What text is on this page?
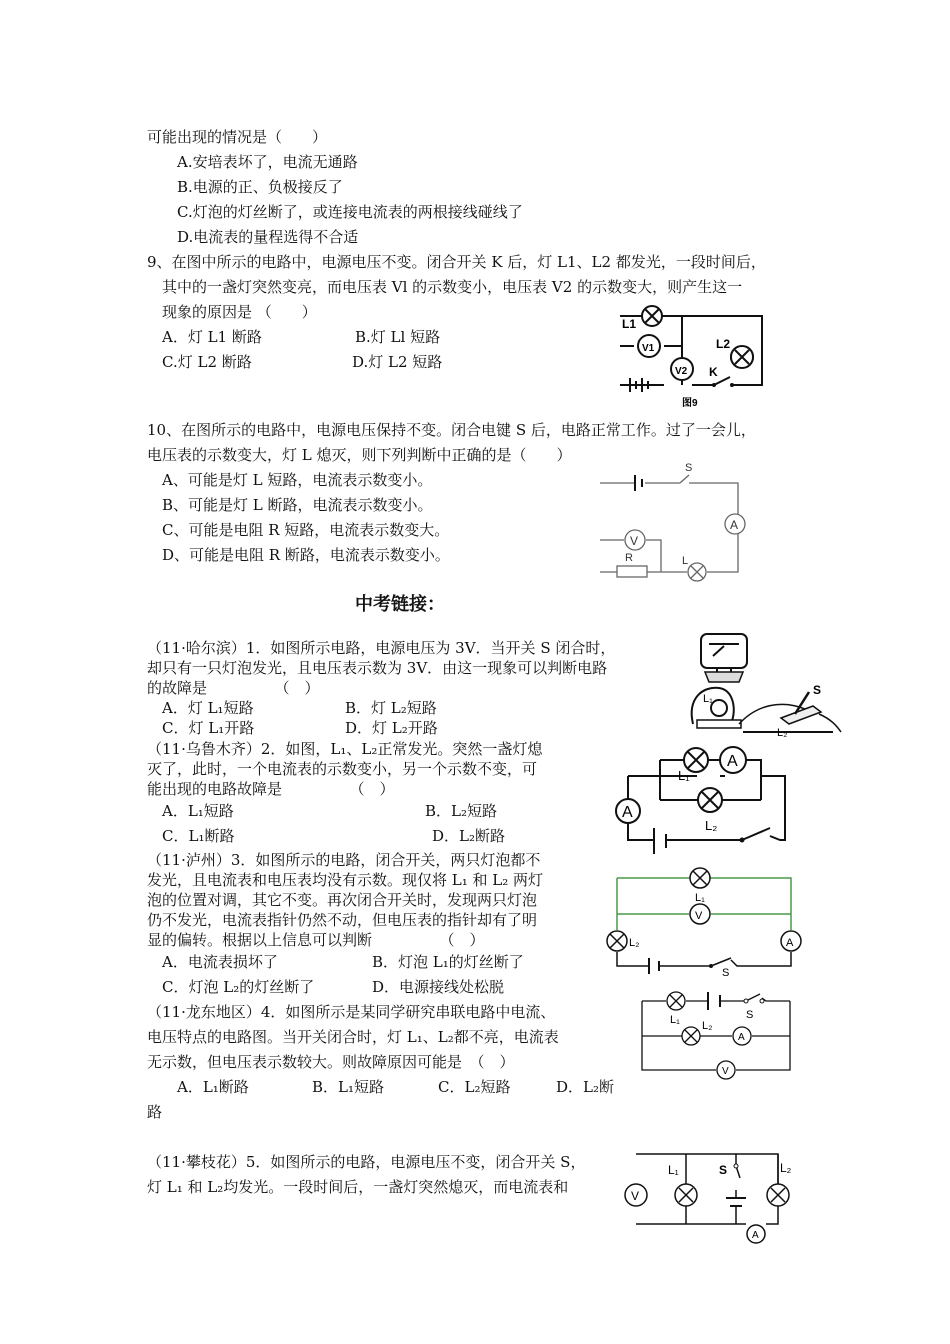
可能出现的情况是（　　）
A.安培表坏了，电流无通路
B.电源的正、负极接反了
C.灯泡的灯丝断了，或连接电流表的两根接线碰线了
D.电流表的量程选得不合适
9、在图中所示的电路中，电源电压不变。闭合开关 K 后，灯 L1、L2 都发光，一段时间后，
其中的一盏灯突然变亮，而电压表 Vl 的示数变小，电压表 V2 的示数变大，则产生这一
现象的原因是 （　　）
A．灯 L1 断路	B.灯 Ll 短路
C.灯 L2 断路	D.灯 L2 短路
L1
V1
V2
L2
K
图9
10、在图所示的电路中，电源电压保持不变。闭合电键 S 后，电路正常工作。过了一会儿，
电压表的示数变大，灯 L 熄灭，则下列判断中正确的是（　　）
A、可能是灯 L 短路，电流表示数变小。
B、可能是灯 L 断路，电流表示数变小。
C、可能是电阻 R 短路，电流表示数变大。
D、可能是电阻 R 断路，电流表示数变小。
S
A
V
R	L
中考链接：
（11·哈尔滨）1．如图所示电路，电源电压为 3V．当开关 S 闭合时，
却只有一只灯泡发光，且电压表示数为 3V．由这一现象可以判断电路
的故障是　　　　　（　）
A．灯 L₁短路	B．灯 L₂短路
C．灯 L₁开路	D．灯 L₂开路
L₁
S
L₂
（11·乌鲁木齐）2．如图，L₁、L₂正常发光。突然一盏灯熄
灭了，此时，一个电流表的示数变小，另一个示数不变，可
能出现的电路故障是　　　　　（　）
A．L₁短路	B．L₂短路
C．L₁断路	D．L₂断路
A
L₁
A
L₂
（11·泸州）3．如图所示的电路，闭合开关，两只灯泡都不
发光，且电流表和电压表均没有示数。现仅将 L₁ 和 L₂ 两灯
泡的位置对调，其它不变。再次闭合开关时，发现两只灯泡
仍不发光，电流表指针仍然不动，但电压表的指针却有了明
显的偏转。根据以上信息可以判断　　　　　（　）
A．电流表损坏了	B．灯泡 L₁的灯丝断了
C．灯泡 L₂的灯丝断了	D．电源接线处松脱
L₁
V
L₂	A
S
（11·龙东地区）4．如图所示是某同学研究串联电路中电流、
电压特点的电路图。当开关闭合时，灯 L₁、L₂都不亮，电流表
无示数，但电压表示数较大。则故障原因可能是　（　）
A．L₁断路	B．L₁短路	C．L₂短路	D．L₂断
路
L₁	S
L₂
A
V
（11·攀枝花）5．如图所示的电路，电源电压不变，闭合开关 S，
灯 L₁ 和 L₂均发光。一段时间后，一盏灯突然熄灭，而电流表和
L₁	S	L₂
V
A
